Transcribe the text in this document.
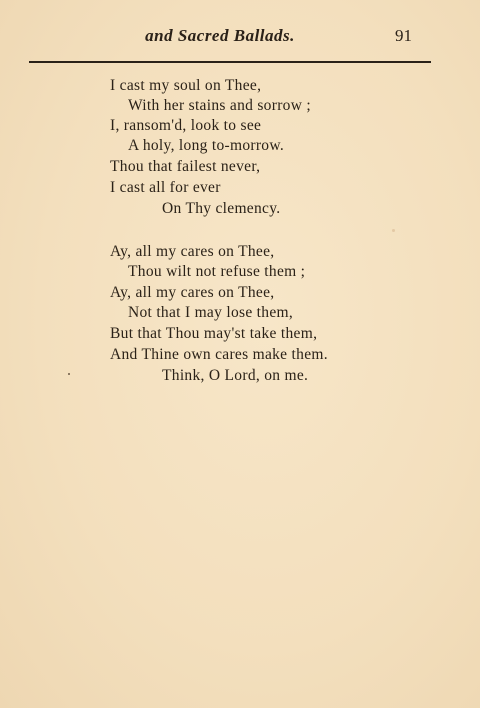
and Sacred Ballads.	91
I cast my soul on Thee,
With her stains and sorrow ;
I, ransom'd, look to see
A holy, long to-morrow.
Thou that failest never,
I cast all for ever
On Thy clemency.
Ay, all my cares on Thee,
Thou wilt not refuse them ;
Ay, all my cares on Thee,
Not that I may lose them,
But that Thou may'st take them,
And Thine own cares make them.
Think, O Lord, on me.
